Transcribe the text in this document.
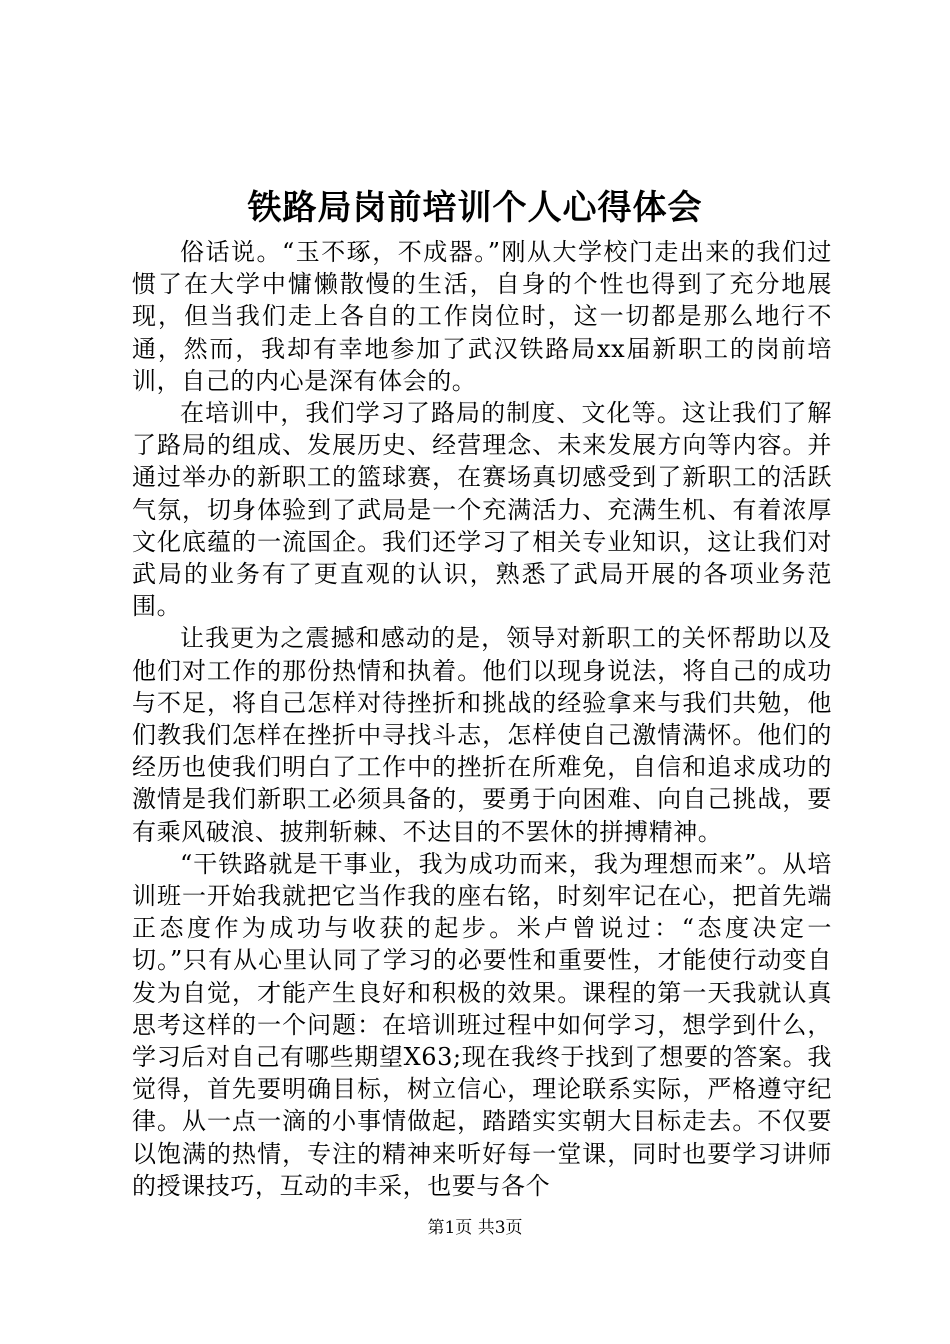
铁路局岗前培训个人心得体会

俗话说。“玉不琢，不成器。”刚从大学校门走出来的我们过惯了在大学中慵懒散慢的生活，自身的个性也得到了充分地展现，但当我们走上各自的工作岗位时，这一切都是那么地行不通，然而，我却有幸地参加了武汉铁路局xx届新职工的岗前培训，自己的内心是深有体会的。

在培训中，我们学习了路局的制度、文化等。这让我们了解了路局的组成、发展历史、经营理念、未来发展方向等内容。并通过举办的新职工的篮球赛，在赛场真切感受到了新职工的活跃气氛，切身体验到了武局是一个充满活力、充满生机、有着浓厚文化底蕴的一流国企。我们还学习了相关专业知识，这让我们对武局的业务有了更直观的认识，熟悉了武局开展的各项业务范围。

让我更为之震撼和感动的是，领导对新职工的关怀帮助以及他们对工作的那份热情和执着。他们以现身说法，将自己的成功与不足，将自己怎样对待挫折和挑战的经验拿来与我们共勉，他们教我们怎样在挫折中寻找斗志，怎样使自己激情满怀。他们的经历也使我们明白了工作中的挫折在所难免，自信和追求成功的激情是我们新职工必须具备的，要勇于向困难、向自己挑战，要有乘风破浪、披荆斩棘、不达目的不罢休的拼搏精神。

“干铁路就是干事业，我为成功而来，我为理想而来”。从培训班一开始我就把它当作我的座右铭，时刻牢记在心，把首先端正态度作为成功与收获的起步。米卢曾说过：“态度决定一切。”只有从心里认同了学习的必要性和重要性，才能使行动变自发为自觉，才能产生良好和积极的效果。课程的第一天我就认真思考这样的一个问题：在培训班过程中如何学习，想学到什么，学习后对自己有哪些期望X63;现在我终于找到了想要的答案。我觉得，首先要明确目标，树立信心，理论联系实际，严格遵守纪律。从一点一滴的小事情做起，踏踏实实朝大目标走去。不仅要以饱满的热情，专注的精神来听好每一堂课，同时也要学习讲师的授课技巧，互动的丰采，也要与各个

第1页 共3页
